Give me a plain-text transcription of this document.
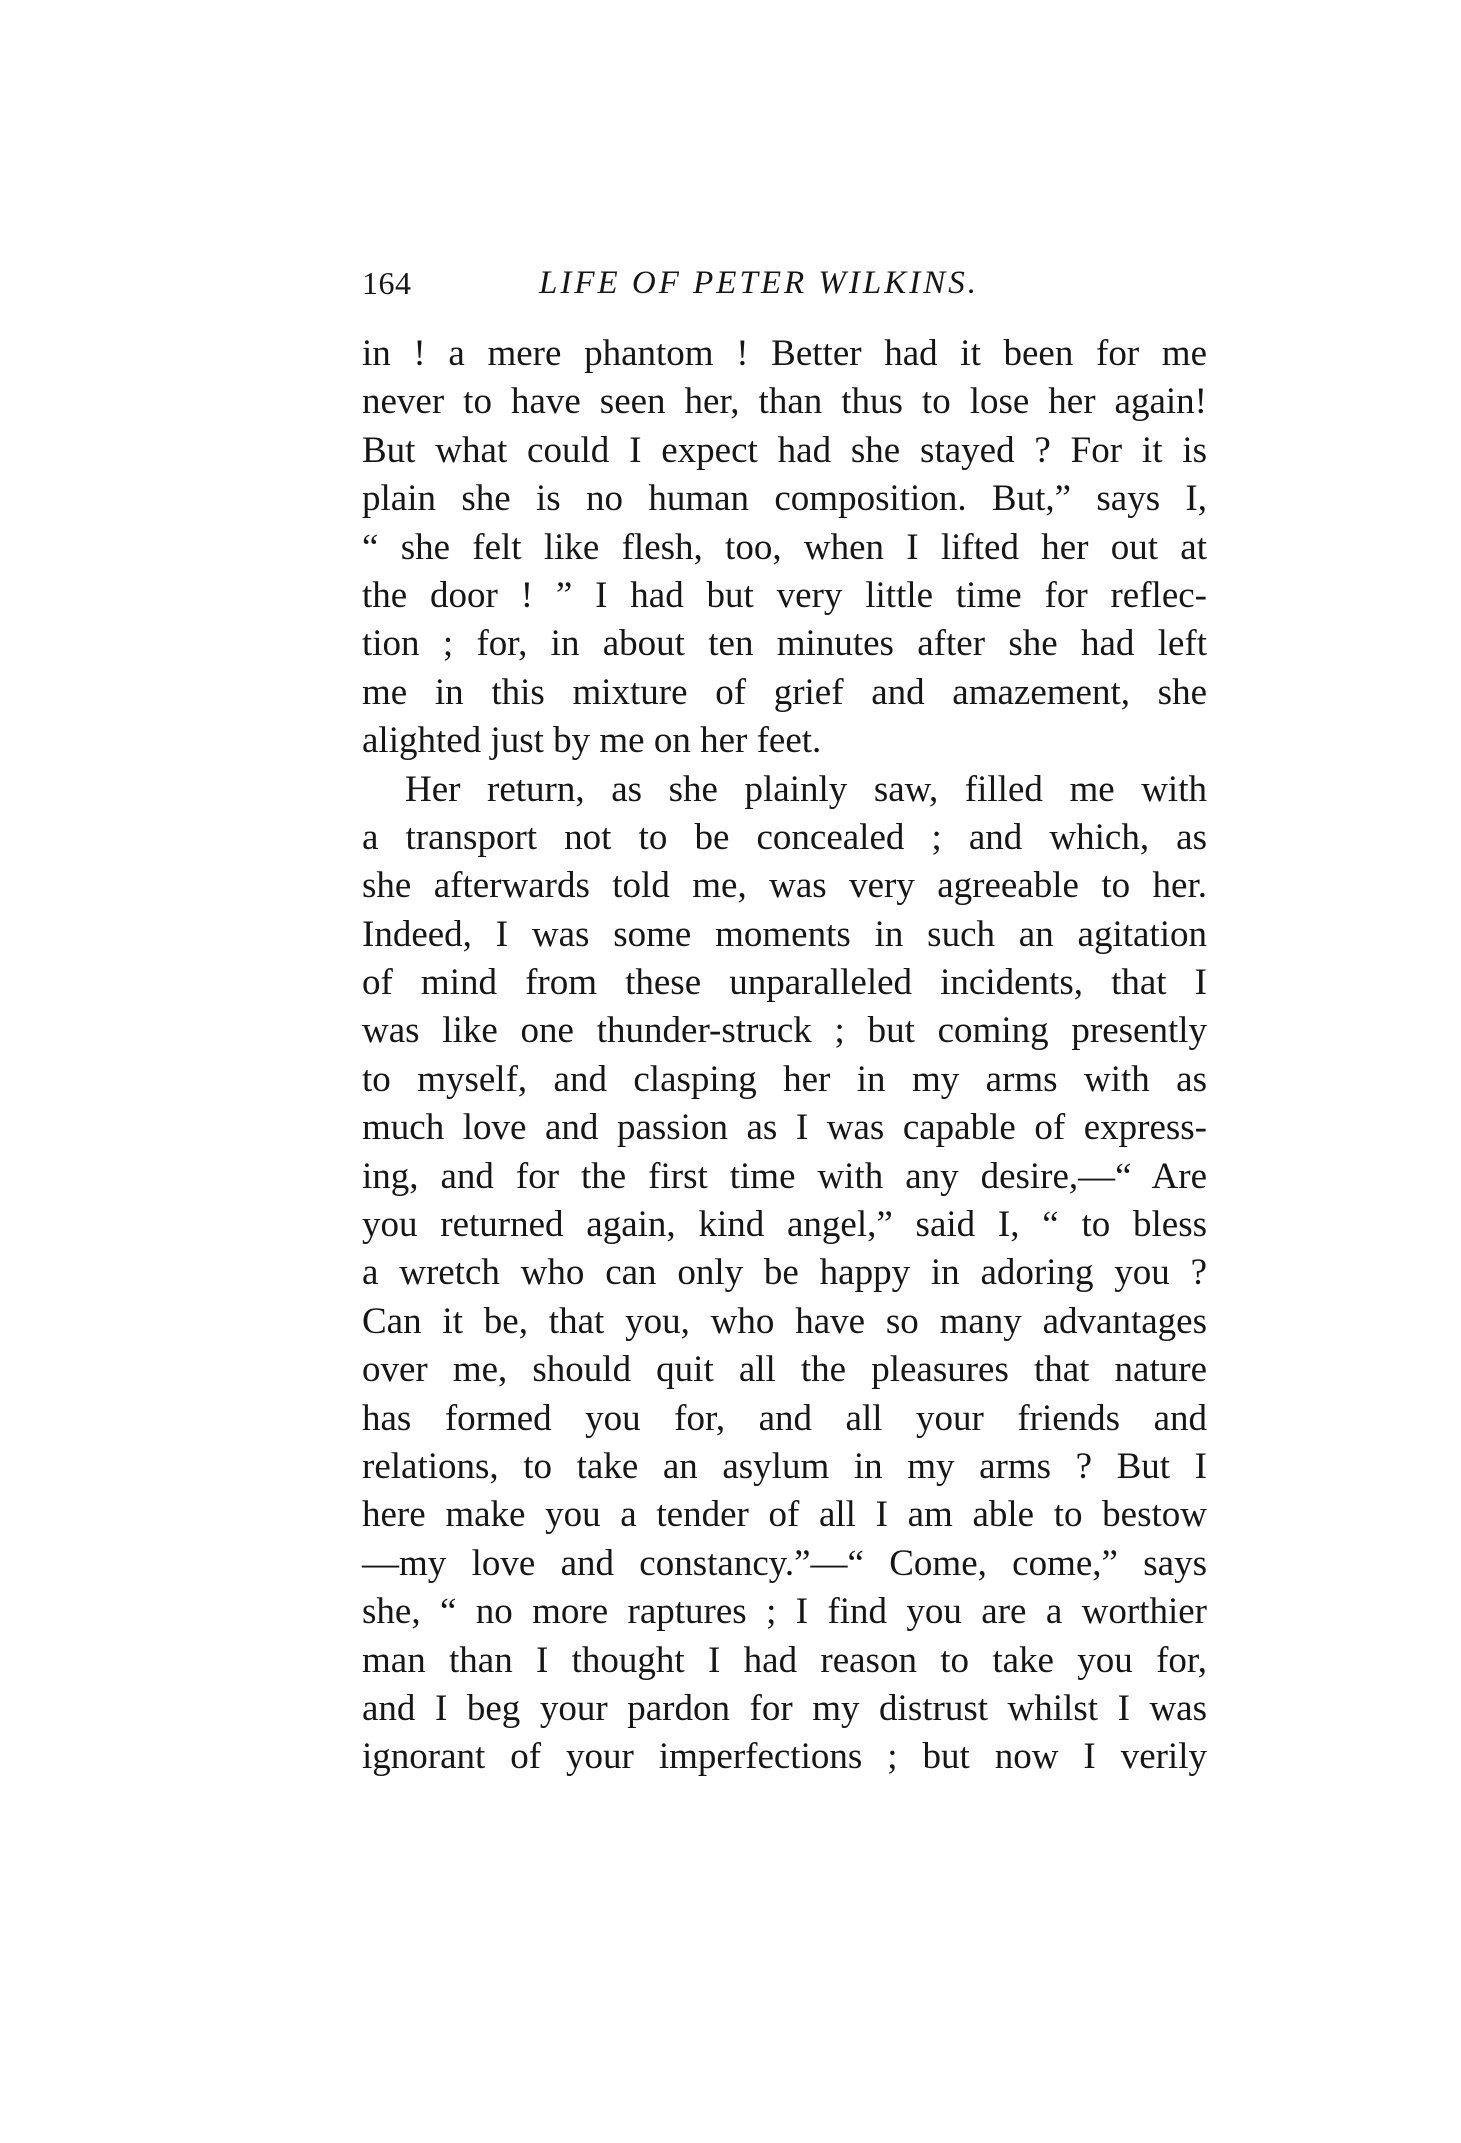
164	LIFE OF PETER WILKINS.
in ! a mere phantom ! Better had it been for me
never to have seen her, than thus to lose her again!
But what could I expect had she stayed ? For it is
plain she is no human composition. But,” says I,
“ she felt like flesh, too, when I lifted her out at
the door ! ” I had but very little time for reflec-
tion ; for, in about ten minutes after she had left
me in this mixture of grief and amazement, she
alighted just by me on her feet.
Her return, as she plainly saw, filled me with
a transport not to be concealed ; and which, as
she afterwards told me, was very agreeable to her.
Indeed, I was some moments in such an agitation
of mind from these unparalleled incidents, that I
was like one thunder-struck ; but coming presently
to myself, and clasping her in my arms with as
much love and passion as I was capable of express-
ing, and for the first time with any desire,—“ Are
you returned again, kind angel,” said I, “ to bless
a wretch who can only be happy in adoring you ?
Can it be, that you, who have so many advantages
over me, should quit all the pleasures that nature
has formed you for, and all your friends and
relations, to take an asylum in my arms ? But I
here make you a tender of all I am able to bestow
—my love and constancy.”—“ Come, come,” says
she, “ no more raptures ; I find you are a worthier
man than I thought I had reason to take you for,
and I beg your pardon for my distrust whilst I was
ignorant of your imperfections ; but now I verily
